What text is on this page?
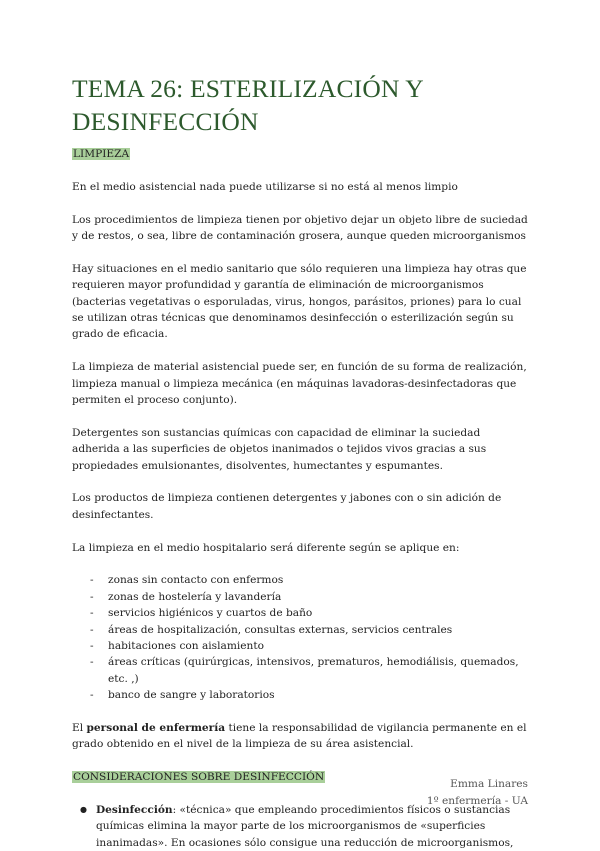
TEMA 26: ESTERILIZACIÓN Y DESINFECCIÓN

LIMPIEZA

En el medio asistencial nada puede utilizarse si no está al menos limpio

Los procedimientos de limpieza tienen por objetivo dejar un objeto libre de suciedad y de restos, o sea, libre de contaminación grosera, aunque queden microorganismos

Hay situaciones en el medio sanitario que sólo requieren una limpieza hay otras que requieren mayor profundidad y garantía de eliminación de microorganismos (bacterias vegetativas o esporuladas, virus, hongos, parásitos, priones) para lo cual se utilizan otras técnicas que denominamos desinfección o esterilización según su grado de eficacia.

La limpieza de material asistencial puede ser, en función de su forma de realización, limpieza manual o limpieza mecánica (en máquinas lavadoras-desinfectadoras que permiten el proceso conjunto).

Detergentes son sustancias químicas con capacidad de eliminar la suciedad adherida a las superficies de objetos inanimados o tejidos vivos gracias a sus propiedades emulsionantes, disolventes, humectantes y espumantes.

Los productos de limpieza contienen detergentes y jabones con o sin adición de desinfectantes.

La limpieza en el medio hospitalario será diferente según se aplique en:

- zonas sin contacto con enfermos
- zonas de hostelería y lavandería
- servicios higiénicos y cuartos de baño
- áreas de hospitalización, consultas externas, servicios centrales
- habitaciones con aislamiento
- áreas críticas (quirúrgicas, intensivos, prematuros, hemodiálisis, quemados, etc. ,)
- banco de sangre y laboratorios

El personal de enfermería tiene la responsabilidad de vigilancia permanente en el grado obtenido en el nivel de la limpieza de su área asistencial.

CONSIDERACIONES SOBRE DESINFECCIÓN

● Desinfección: «técnica» que empleando procedimientos físicos o sustancias químicas elimina la mayor parte de los microorganismos de «superficies inanimadas». En ocasiones sólo consigue una reducción de microorganismos,
Emma Linares
1º enfermería - UA
